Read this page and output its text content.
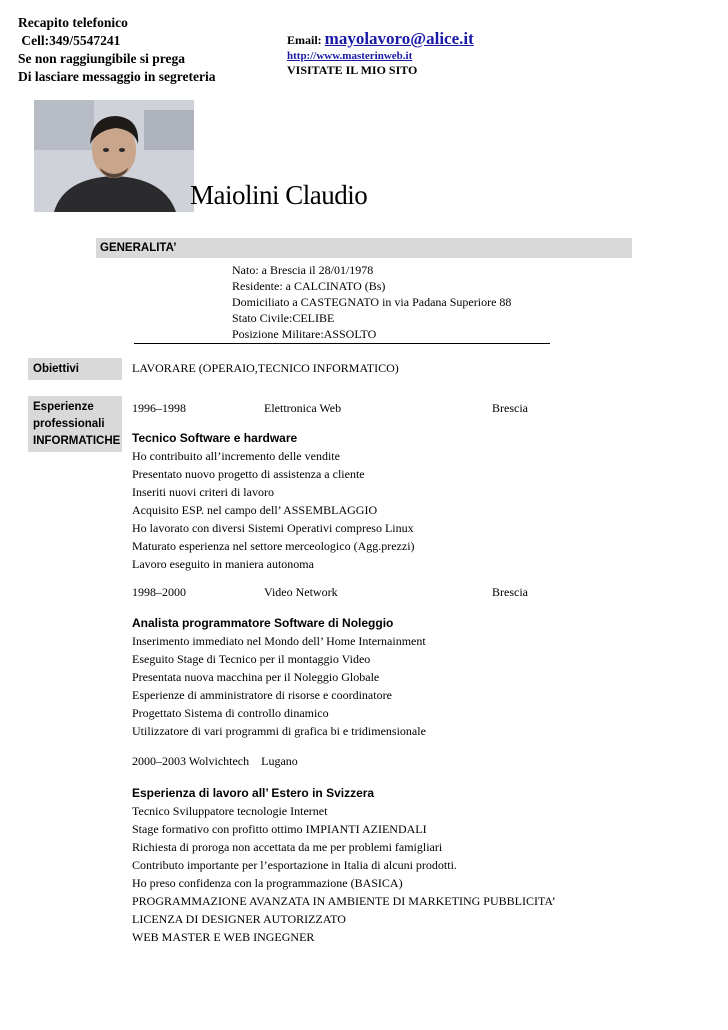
Recapito telefonico
Cell:349/5547241
Se non raggiungibile si prega
Di lasciare messaggio in segreteria
Email: mayolavoro@alice.it
http://www.masterinweb.it
VISITATE IL MIO SITO
Maiolini Claudio
GENERALITA’
Nato: a Brescia il 28/01/1978
Residente: a CALCINATO (Bs)
Domiciliato a CASTEGNATO in via Padana Superiore 88
Stato Civile:CELIBE
Posizione Militare:ASSOLTO
Obiettivi	LAVORARE (OPERAIO,TECNICO INFORMATICO)
Esperienze
professionali
INFORMATICHE
1996–1998	Elettronica Web	Brescia
Tecnico Software e hardware
Ho contribuito all’incremento delle vendite
Presentato nuovo progetto di assistenza a cliente
Inseriti nuovi criteri di lavoro
Acquisito ESP. nel campo dell’ ASSEMBLAGGIO
Ho lavorato con diversi Sistemi Operativi compreso Linux
Maturato esperienza nel settore merceologico (Agg.prezzi)
Lavoro eseguito in maniera autonoma
1998–2000	Video Network	Brescia
Analista programmatore Software di Noleggio
Inserimento immediato nel Mondo dell’ Home Internainment
Eseguito Stage di Tecnico per il montaggio Video
Presentata nuova macchina per il Noleggio Globale
Esperienze di amministratore di risorse e coordinatore
Progettato Sistema di controllo dinamico
Utilizzatore di vari programmi di grafica bi e tridimensionale
2000–2003 Wolvichtech    Lugano
Esperienza di lavoro all’ Estero in Svizzera
Tecnico Sviluppatore tecnologie Internet
Stage formativo con profitto ottimo IMPIANTI AZIENDALI
Richiesta di proroga non accettata da me per problemi famigliari
Contributo importante per l’esportazione in Italia di alcuni prodotti.
Ho preso confidenza con la programmazione (BASICA)
PROGRAMMAZIONE AVANZATA IN AMBIENTE DI MARKETING PUBBLICITA’
LICENZA DI DESIGNER AUTORIZZATO
WEB MASTER E WEB INGEGNER
